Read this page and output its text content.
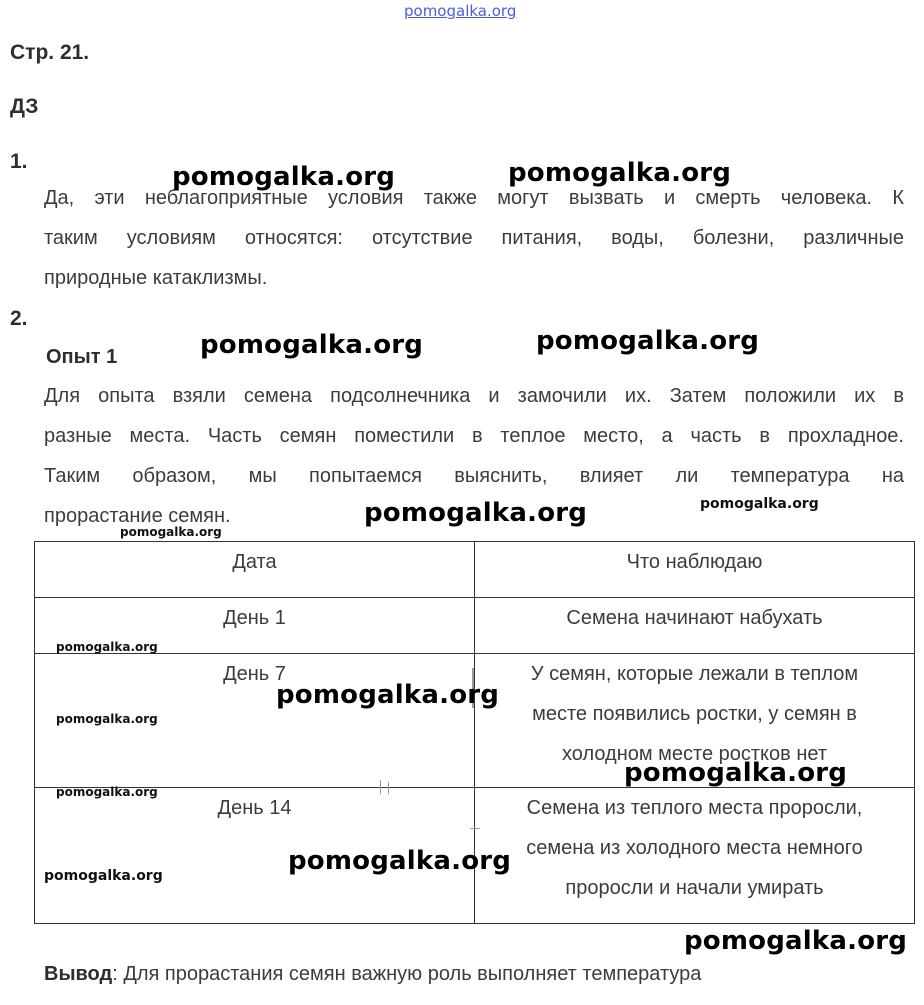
pomogalka.org
Стр. 21.
ДЗ
1.
Да, эти неблагоприятные условия также могут вызвать и смерть человека. К
таким условиям относятся: отсутствие питания, воды, болезни, различные
природные катаклизмы.
2.
Опыт 1
Для опыта взяли семена подсолнечника и замочили их. Затем положили их в
разные места. Часть семян поместили в теплое место, а часть в прохладное.
Таким образом, мы попытаемся выяснить, влияет ли температура на
прорастание семян.
Дата	Что наблюдаю
День 1	Семена начинают набухать

День 7	У семян, которые лежали в теплом
месте появились ростки, у семян в
холодном месте ростков нет

День 14	Семена из теплого места проросли,
семена из холодного места немного
проросли и начали умирать
Вывод: Для прорастания семян важную роль выполняет температура
pomogalka.org	pomogalka.org
pomogalka.org	pomogalka.org
pomogalka.org	pomogalka.org
pomogalka.org
pomogalka.org
pomogalka.org
pomogalka.org
pomogalka.org
pomogalka.org
pomogalka.org
pomogalka.org
pomogalka.org
